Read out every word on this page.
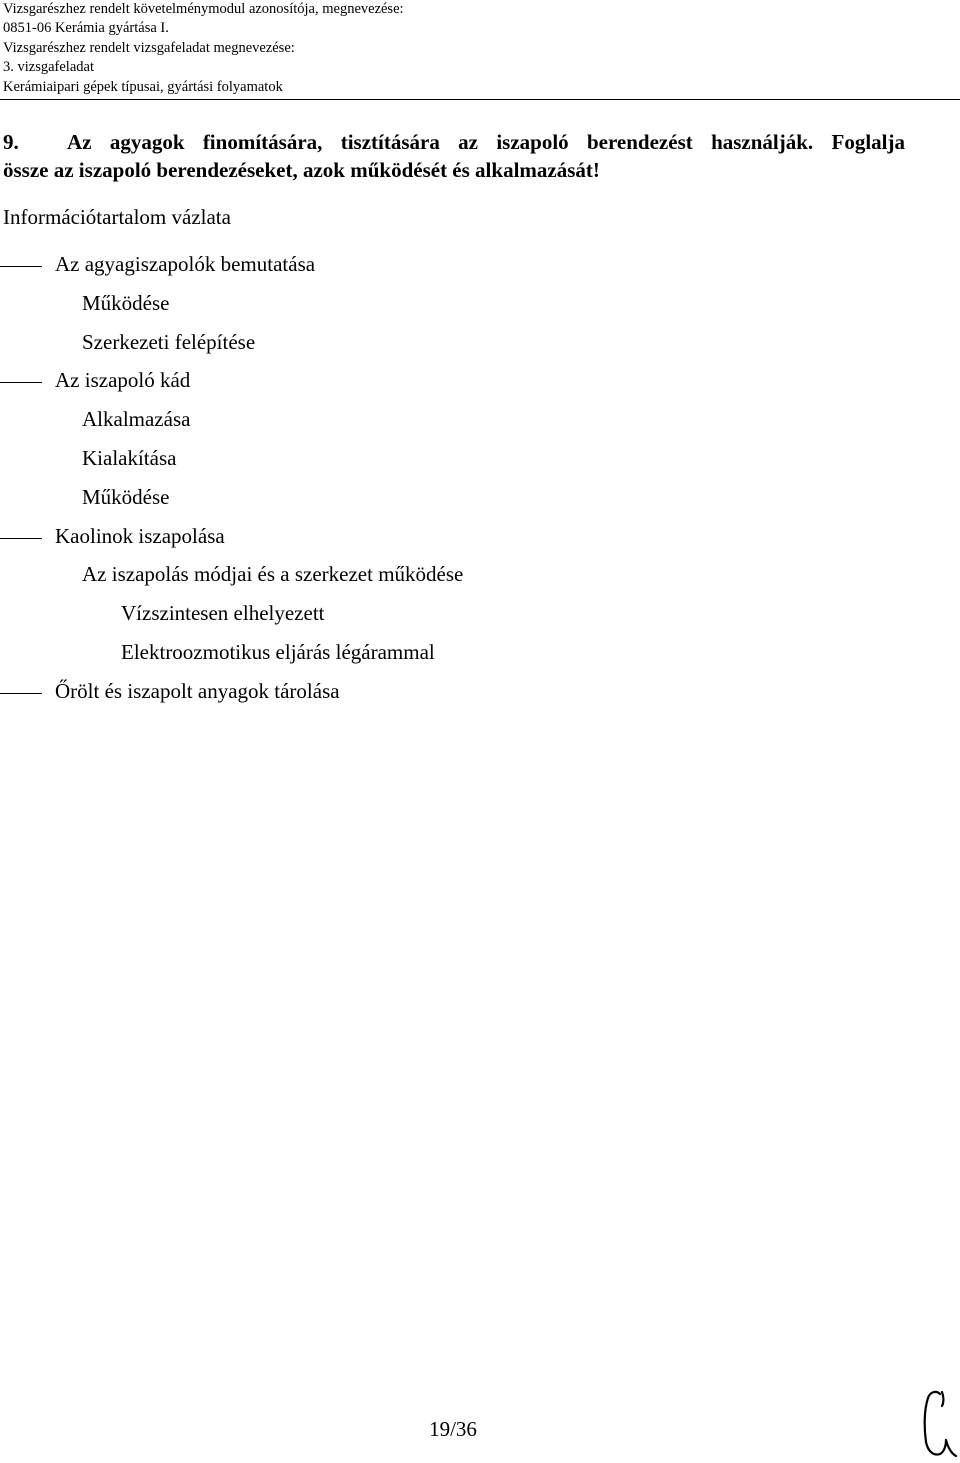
Vizsgarészhez rendelt követelménymodul azonosítója, megnevezése:
0851-06 Kerámia gyártása I.
Vizsgarészhez rendelt vizsgafeladat megnevezése:
3. vizsgafeladat
Kerámiaipari gépek típusai, gyártási folyamatok
9.	Az agyagok finomítására, tisztítására az iszapoló berendezést használják. Foglalja
össze az iszapoló berendezéseket, azok működését és alkalmazását!
Információtartalom vázlata
Az agyagiszapolók bemutatása
Működése
Szerkezeti felépítése
Az iszapoló kád
Alkalmazása
Kialakítása
Működése
Kaolinok iszapolása
Az iszapolás módjai és a szerkezet működése
Vízszintesen elhelyezett
Elektroozmotikus eljárás légárammal
Őrölt és iszapolt anyagok tárolása
19/36
